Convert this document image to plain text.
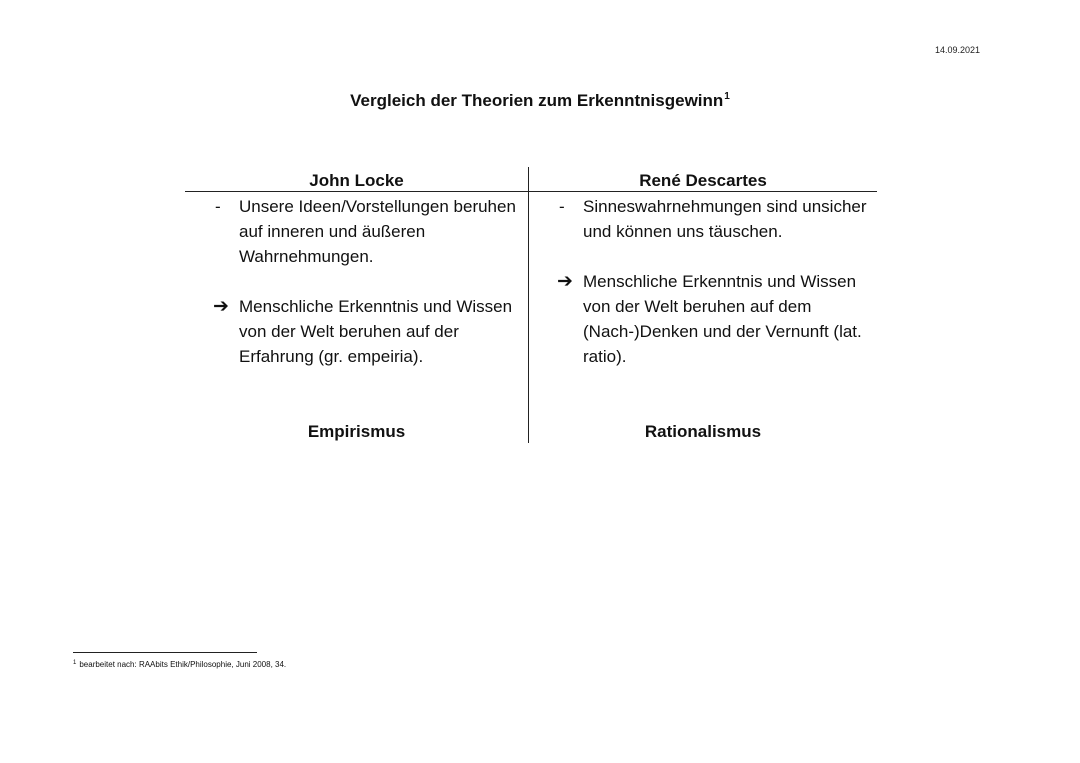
14.09.2021
Vergleich der Theorien zum Erkenntnisgewinn$^1$
John Locke
- Unsere Ideen/Vorstellungen beruhen auf inneren und äußeren Wahrnehmungen.
➔ Menschliche Erkenntnis und Wissen von der Welt beruhen auf der Erfahrung (gr. empeiria).
Empirismus
René Descartes
- Sinneswahrnehmungen sind unsicher und können uns täuschen.
➔ Menschliche Erkenntnis und Wissen von der Welt beruhen auf dem (Nach-)Denken und der Vernunft (lat. ratio).
Rationalismus
$^1$ bearbeitet nach: RAAbits Ethik/Philosophie, Juni 2008, 34.
